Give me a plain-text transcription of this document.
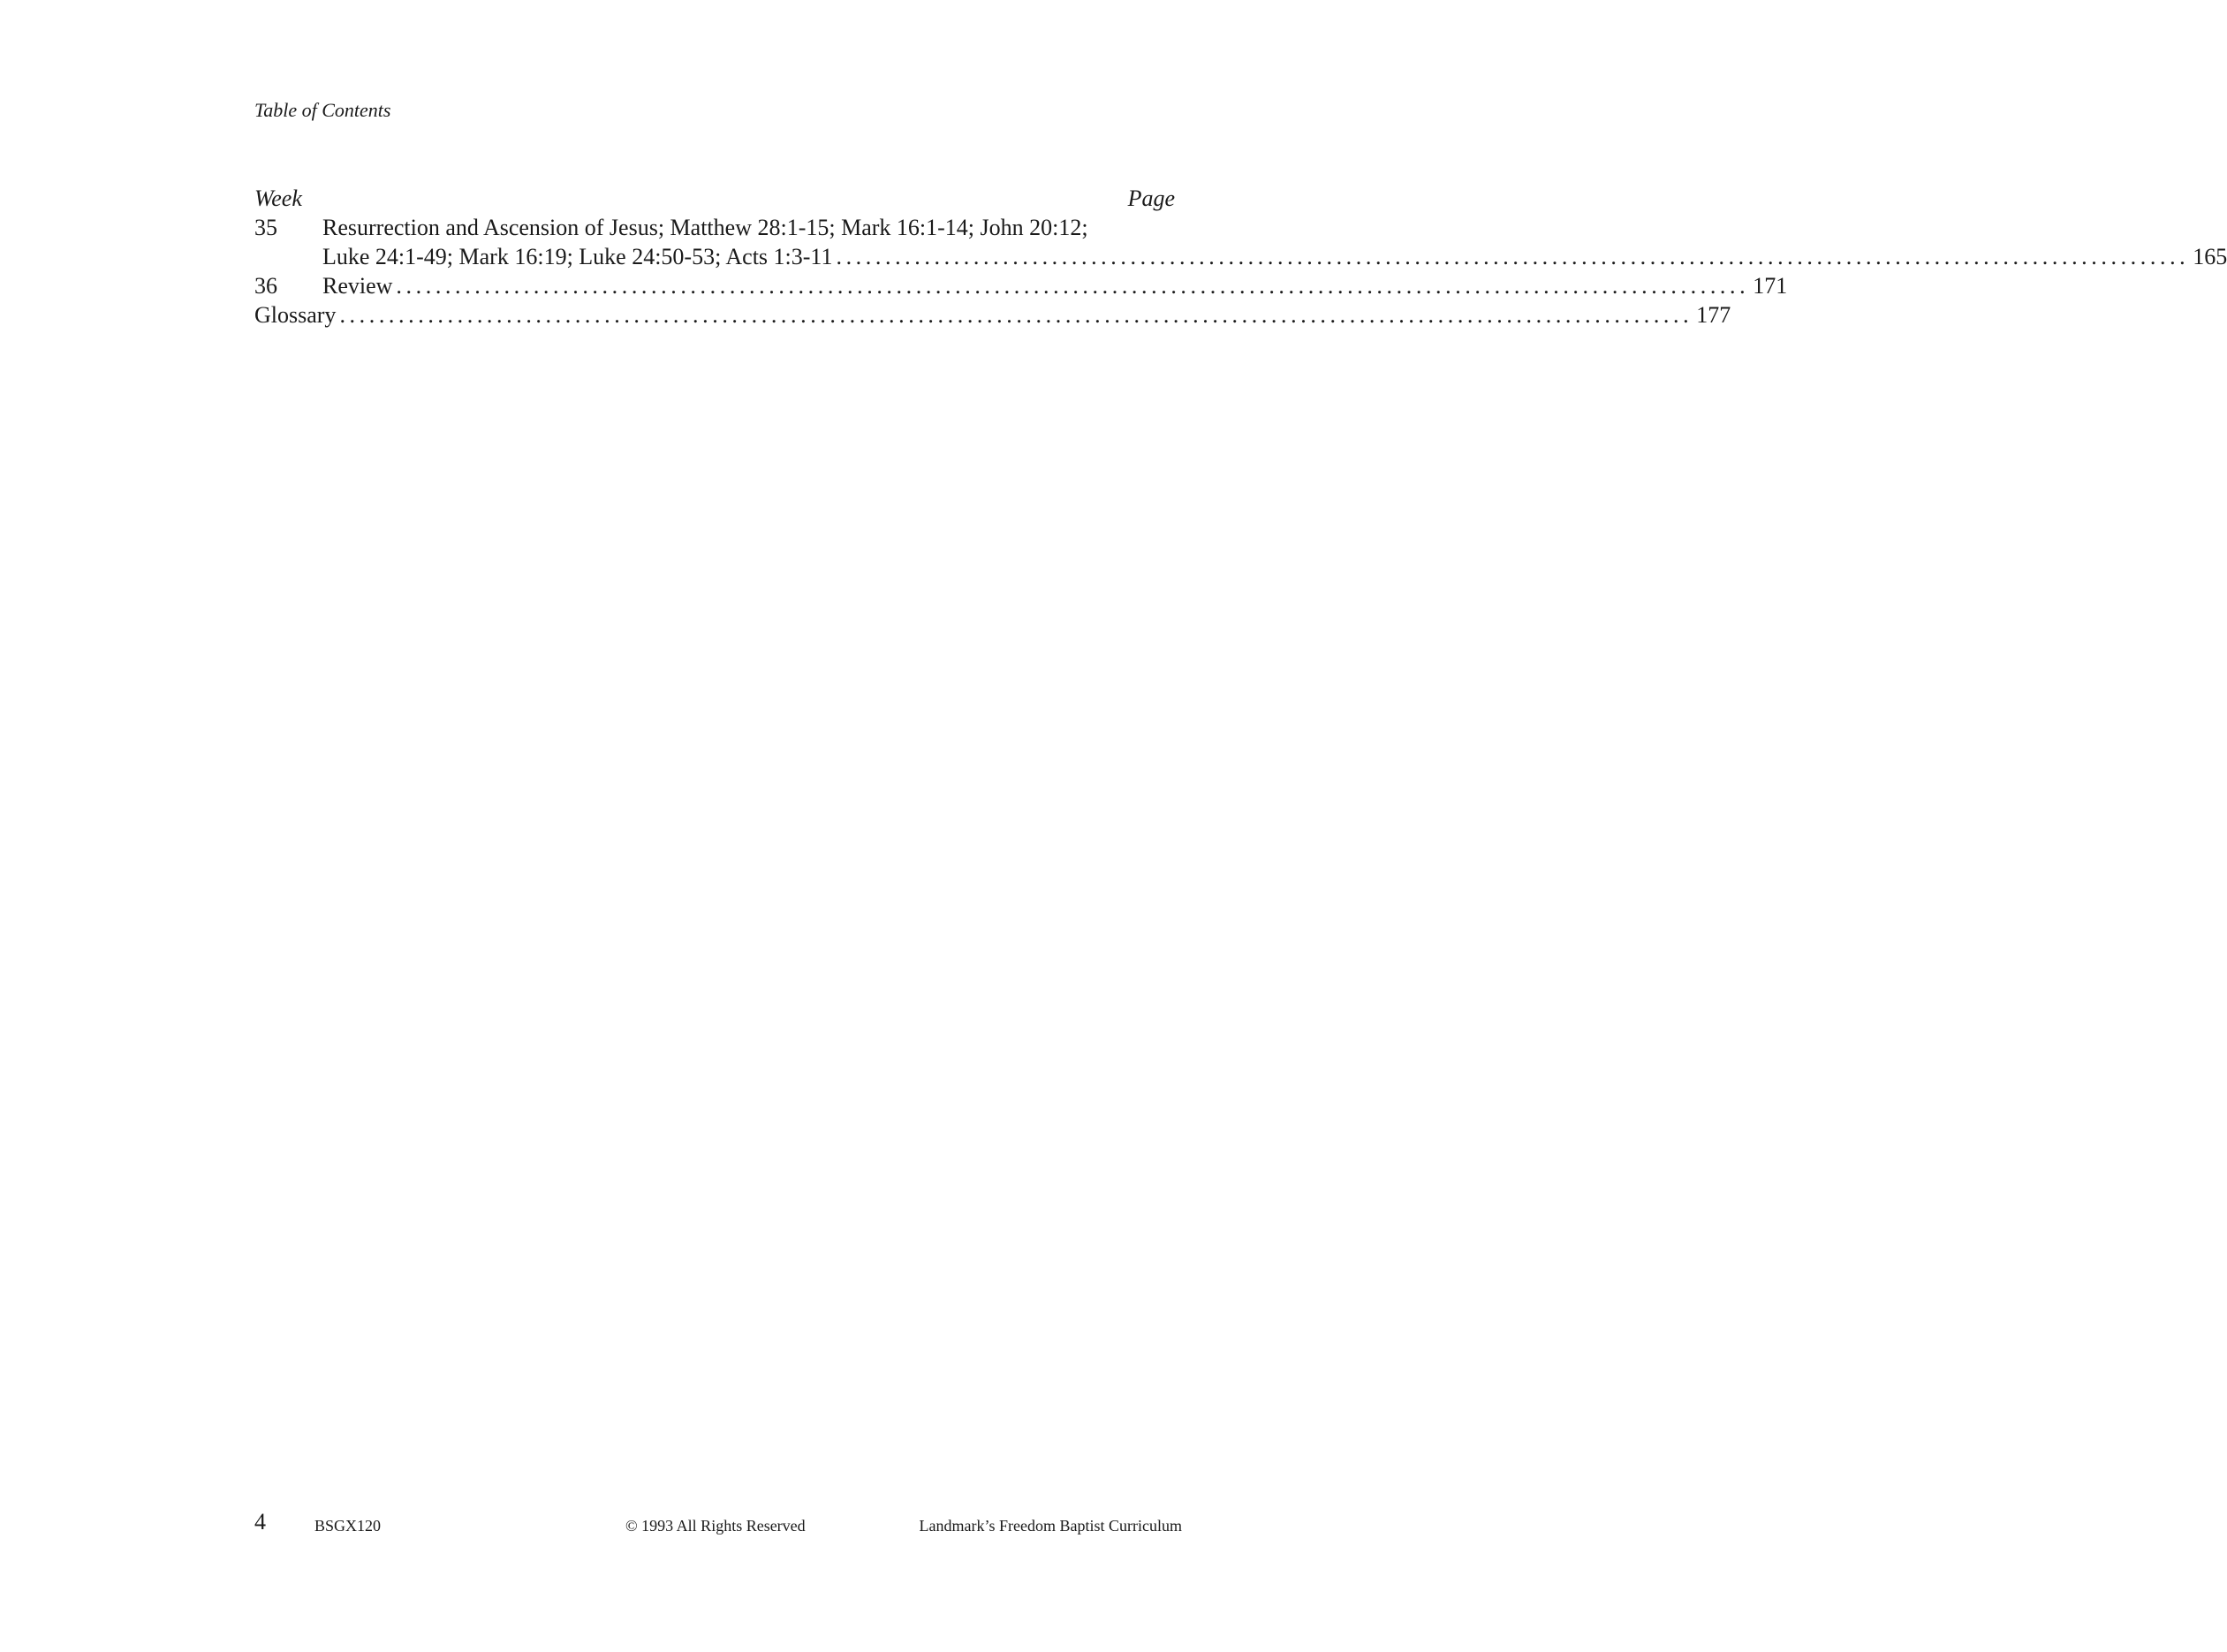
Table of Contents
Week	Page
35	Resurrection and Ascension of Jesus; Matthew 28:1-15; Mark 16:1-14; John 20:12;
Luke 24:1-49; Mark 16:19; Luke 24:50-53; Acts 1:3-11 .......................................................................................................................................... 165
36	Review .......................................................................................................................................... 171
Glossary .......................................................................................................................................... 177
4	BSGX120	© 1993 All Rights Reserved	Landmark’s Freedom Baptist Curriculum
